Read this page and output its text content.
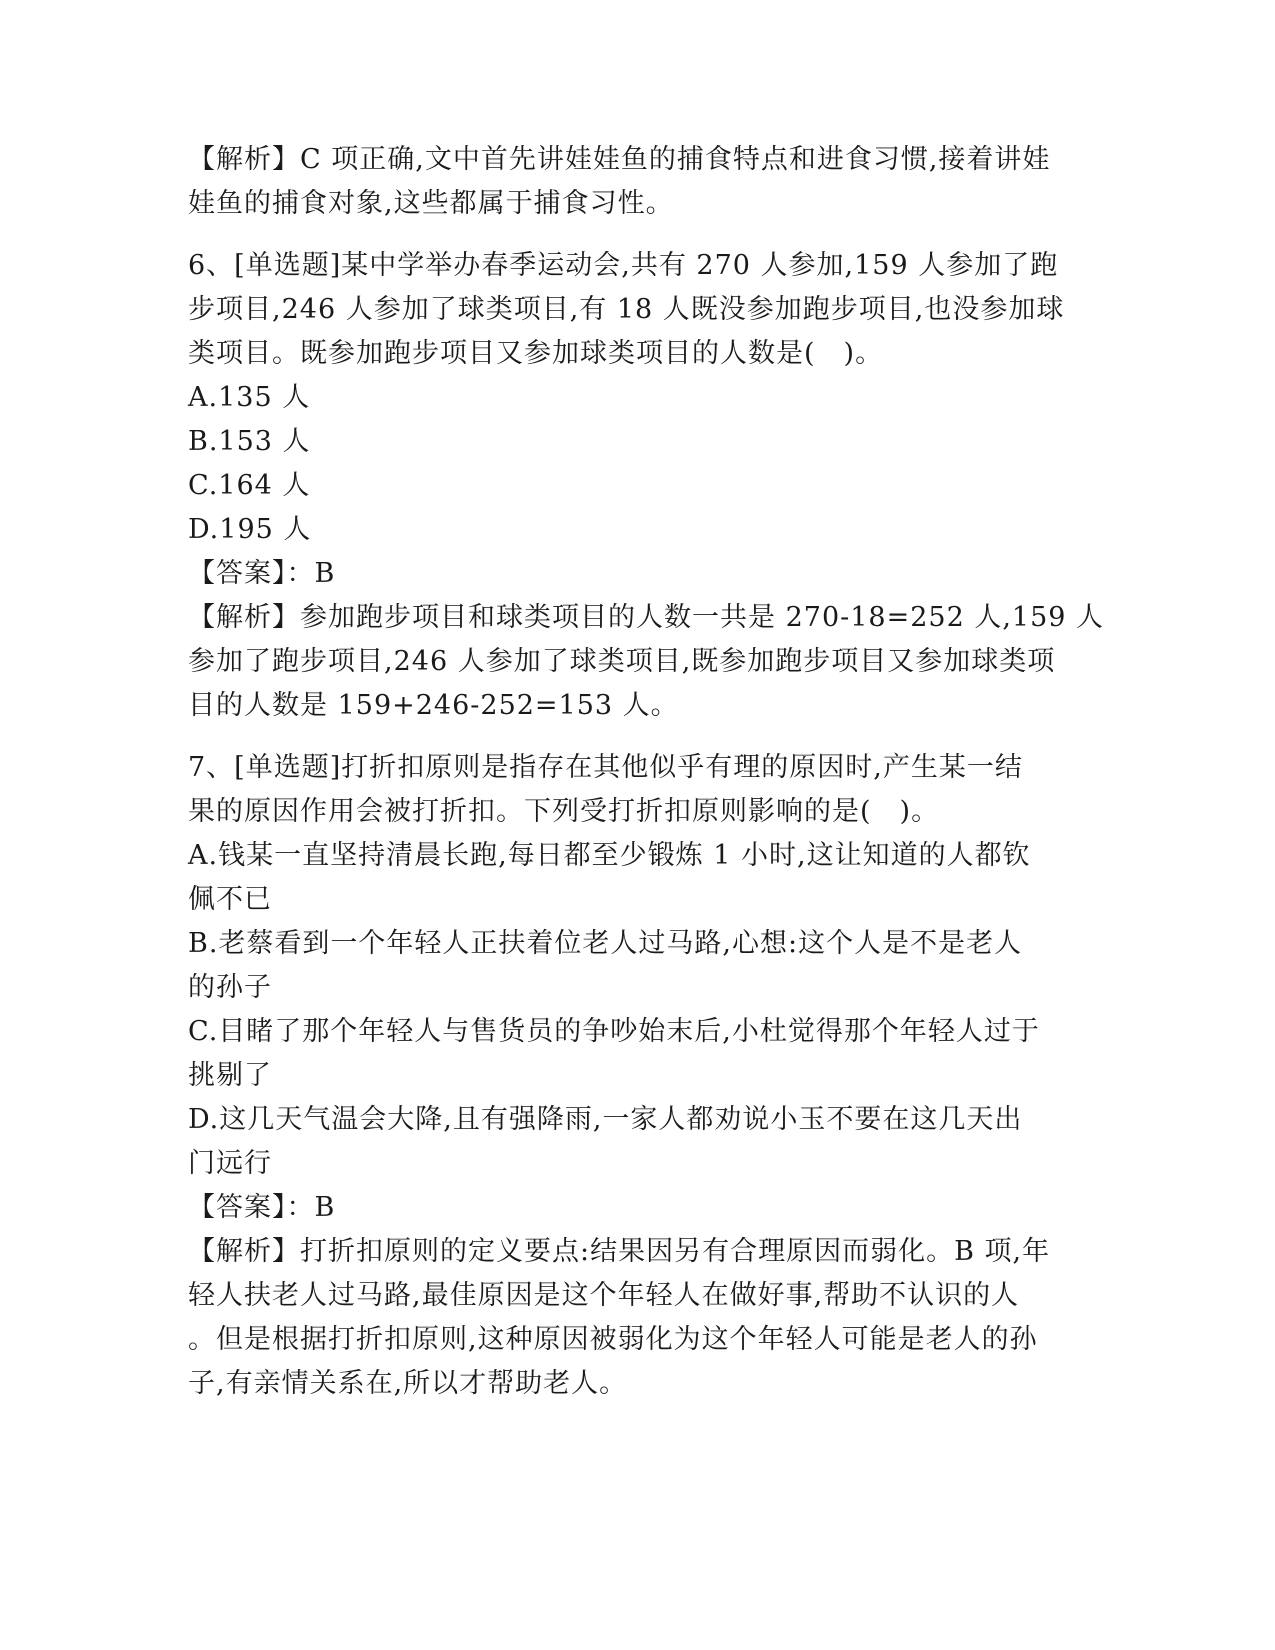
【解析】C 项正确,文中首先讲娃娃鱼的捕食特点和进食习惯,接着讲娃
娃鱼的捕食对象,这些都属于捕食习性。
6、[单选题]某中学举办春季运动会,共有 270 人参加,159 人参加了跑
步项目,246 人参加了球类项目,有 18 人既没参加跑步项目,也没参加球
类项目。既参加跑步项目又参加球类项目的人数是(　)。
A.135 人
B.153 人
C.164 人
D.195 人
【答案】：B
【解析】参加跑步项目和球类项目的人数一共是 270-18=252 人,159 人
参加了跑步项目,246 人参加了球类项目,既参加跑步项目又参加球类项
目的人数是 159+246-252=153 人。
7、[单选题]打折扣原则是指存在其他似乎有理的原因时,产生某一结
果的原因作用会被打折扣。下列受打折扣原则影响的是(　)。
A.钱某一直坚持清晨长跑,每日都至少锻炼 1 小时,这让知道的人都钦
佩不已
B.老蔡看到一个年轻人正扶着位老人过马路,心想:这个人是不是老人
的孙子
C.目睹了那个年轻人与售货员的争吵始末后,小杜觉得那个年轻人过于
挑剔了
D.这几天气温会大降,且有强降雨,一家人都劝说小玉不要在这几天出
门远行
【答案】：B
【解析】打折扣原则的定义要点:结果因另有合理原因而弱化。B 项,年
轻人扶老人过马路,最佳原因是这个年轻人在做好事,帮助不认识的人
。但是根据打折扣原则,这种原因被弱化为这个年轻人可能是老人的孙
子,有亲情关系在,所以才帮助老人。
